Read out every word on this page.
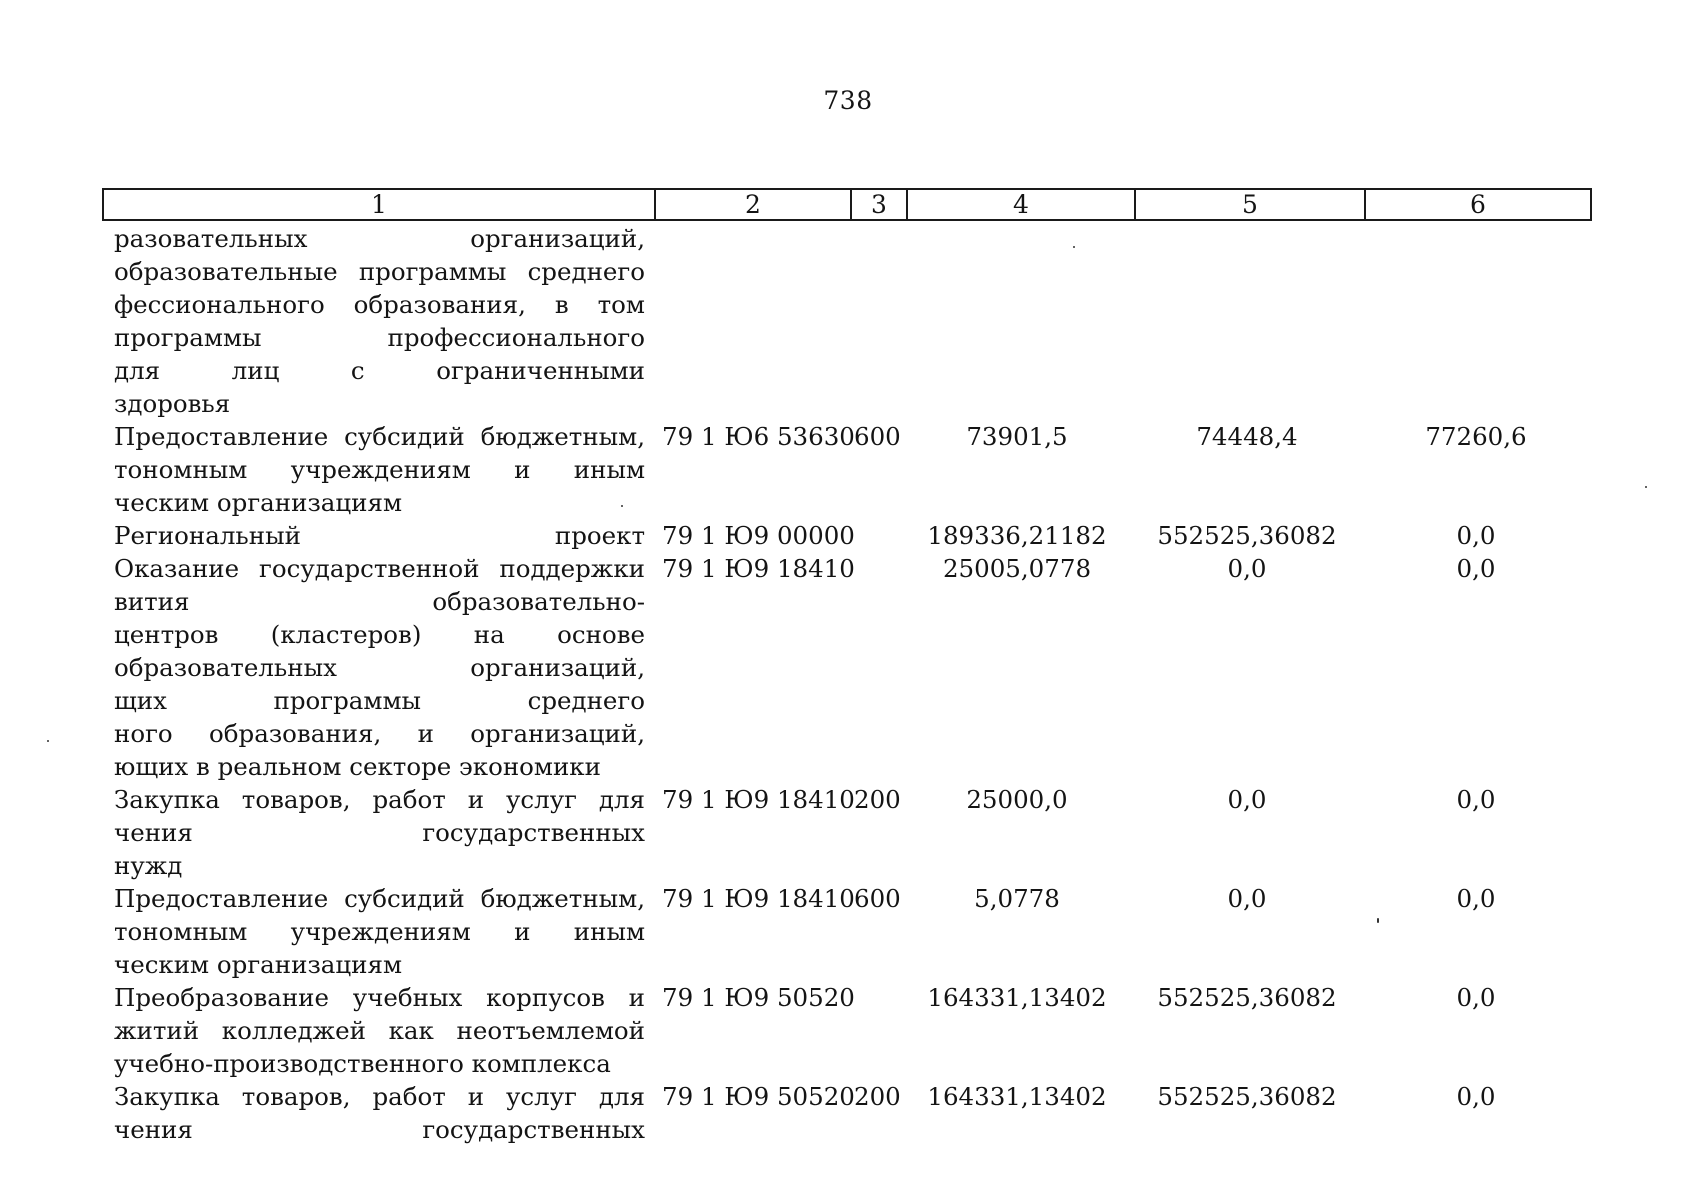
738
1	2	3	4	5	6
разовательных организаций,
образовательные программы среднего
фессионального образования, в том
программы профессионального
для лиц с ограниченными
здоровья
Предоставление субсидий бюджетным,
тономным учреждениям и иным
ческим организациям
79 1 Ю6 53630 600	73901,5	74448,4	77260,6
Региональный проект 79 1 Ю9 00000	189336,21182	552525,36082	0,0
Оказание государственной поддержки
вития образовательно-
центров (кластеров) на основе
образовательных организаций,
щих программы среднего
ного образования, и организаций,
ющих в реальном секторе экономики
79 1 Ю9 18410	25005,0778	0,0	0,0
Закупка товаров, работ и услуг для
чения государственных
нужд
79 1 Ю9 18410 200	25000,0	0,0	0,0
Предоставление субсидий бюджетным,
тономным учреждениям и иным
ческим организациям
79 1 Ю9 18410 600	5,0778	0,0	0,0
Преобразование учебных корпусов и
житий колледжей как неотъемлемой
учебно-производственного комплекса
79 1 Ю9 50520	164331,13402	552525,36082	0,0
Закупка товаров, работ и услуг для
чения государственных
79 1 Ю9 50520 200	164331,13402	552525,36082	0,0
